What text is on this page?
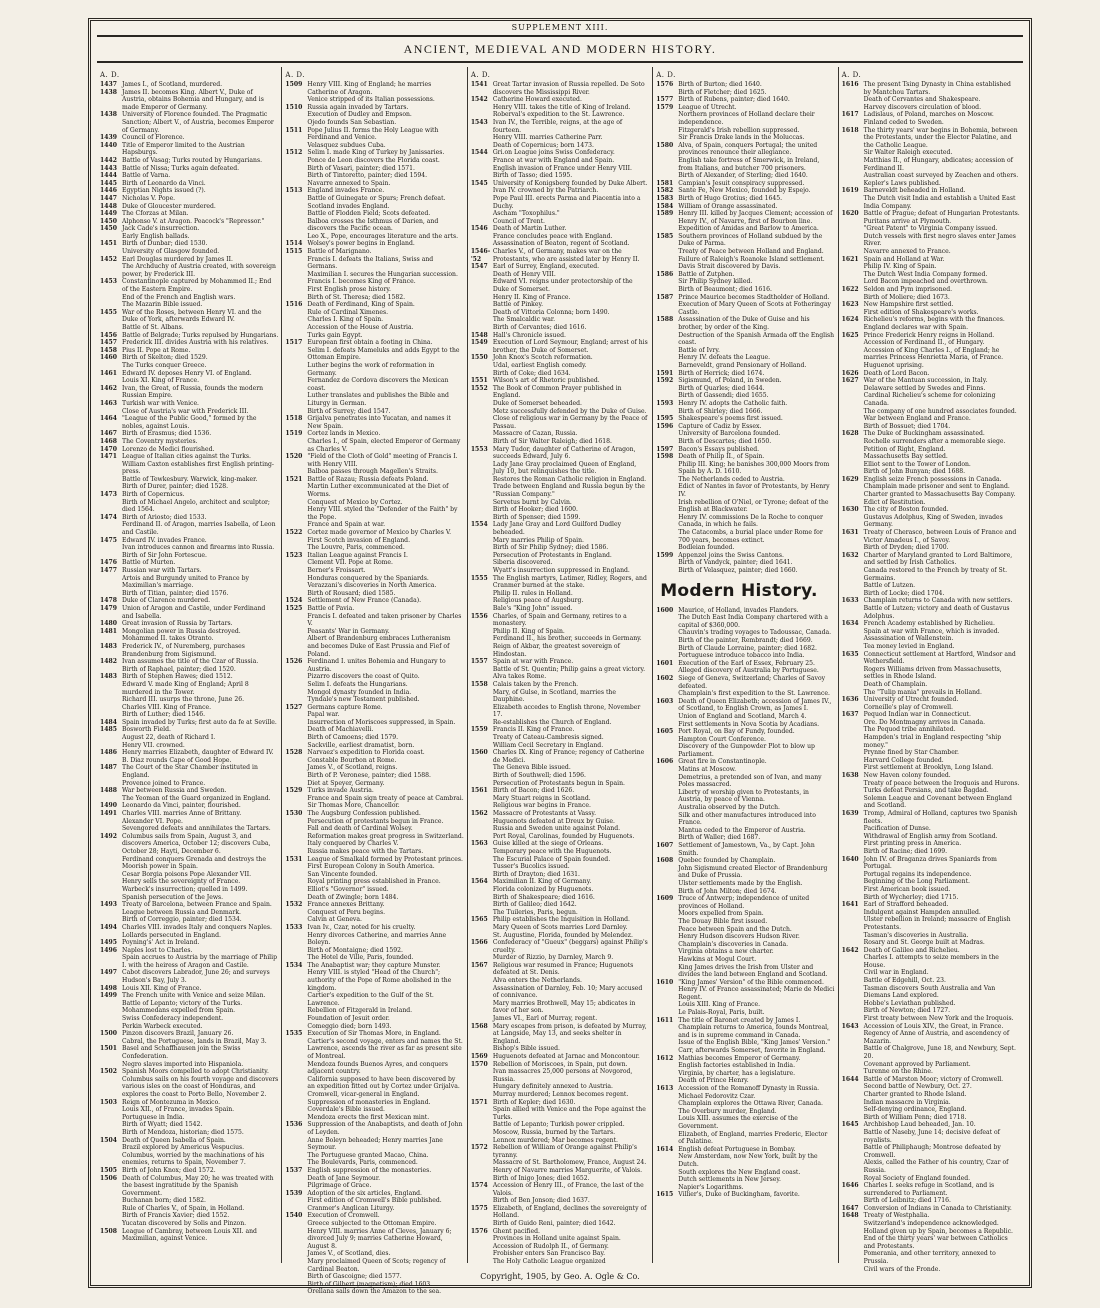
SUPPLEMENT XIII.
ANCIENT, MEDIEVAL AND MODERN HISTORY.
A. D.
1437 James I., of Scotland, murdered.
1438 James II. becomes King. Albert V., Duke of Austria, obtains Bohemia and Hungary, and is made Emperor of Germany.
1438 University of Florence founded. The Pragmatic Sanction; Albert V., of Austria, becomes Emperor of Germany.
1439 Council of Florence.
1440 Title of Emperor limited to the Austrian Hapsburgs.
1442 Battle of Vasag; Turks routed by Hungarians.
1443 Battle of Nissa; Turks again defeated.
1444 Battle of Varna.
1445 Birth of Leonardo da Vinci.
1446 Egyptian Nights issued (?).
1447 Nicholas V. Pope.
1448 Duke of Gloucester murdered.
1449 The Cforzas at Milan.
1450 Alphonso V. at Aragon. Peacock's "Repressor."
1450 Jack Cade's insurrection.
Early English ballads.
1451 Birth of Dunbar; died 1530.
University of Glasgow founded.
1452 Earl Douglas murdered by James II.
The Archduchy of Austria created, with sovereign power, by Frederick III.
1453 Constantinople captured by Mohammed II.; End of the Eastern Empire.
End of the French and English wars.
The Mazarin Bible issued.
1455 War of the Roses, between Henry VI. and the Duke of York, afterwards Edward IV.
Battle of St. Albans.
1456 Battle of Belgrade; Turks repulsed by Hungarians.
1457 Frederick III. divides Austria with his relatives.
1458 Pius II. Pope at Rome.
1460 Birth of Skelton; died 1529.
The Turks conquer Greece.
1461 Edward IV. deposes Henry VI. of England.
Louis XI. King of France.
1462 Ivan, the Great, of Russia, founds the modern Russian Empire.
1463 Turkish war with Venice.
Close of Austria's war with Frederick III.
1464 "League of the Public Good," formed by the nobles, against Louis.
1467 Birth of Erasmus; died 1536.
1468 The Coventry mysteries.
1470 Lorenzo de Medici flourished.
1471 League of Italian cities against the Turks.
William Caxton establishes first English printing-press.
Battle of Tewkesbury. Warwick, king-maker.
Birth of Durer, painter; died 1528.
1473 Birth of Copernicus.
Birth of Michael Angelo, architect and sculptor; died 1564.
1474 Birth of Ariosto; died 1533.
Ferdinand II. of Aragon, marries Isabella, of Leon and Castile.
1475 Edward IV. invades France.
Ivan introduces cannon and firearms into Russia.
Birth of Sir John Fortescue.
1476 Battle of Murten.
1477 Russian war with Tartars.
Artois and Burgundy united to France by Maximilian's marriage.
Birth of Titian, painter; died 1576.
1478 Duke of Clarence murdered.
1479 Union of Aragon and Castile, under Ferdinand and Isabella.
1480 Great invasion of Russia by Tartars.
1481 Mongolian power in Russia destroyed.
Mohammed II. takes Otranto.
1483 Frederick IV., of Nuremberg, purchases Brandenburg from Sigismund.
1482 Ivan assumes the title of the Czar of Russia.
Birth of Raphael, painter; died 1520.
1483 Birth of Stephen Hawes; died 1512.
Edward V. made King of England; April 8 murdered in the Tower.
Richard III. usurps the throne, June 26.
Charles VIII. King of France.
Birth of Luther; died 1546.
1484 Spain invaded by Turks; first auto da fe at Seville.
1485 Bosworth Field.
August 22, death of Richard I.
Henry VII. crowned.
1486 Henry marries Elizabeth, daughter of Edward IV.
B. Diaz rounds Cape of Good Hope.
1487 The Court of the Star Chamber instituted in England.
Provence joined to France.
1488 War between Russia and Sweden.
The Yeoman of the Guard organized in England.
1490 Leonardo da Vinci, painter, flourished.
1491 Charles VIII. marries Anne of Brittany.
Alexander VI. Pope.
Sevengored defeats and annihilates the Tartars.
1492 Columbus sails from Spain, August 3, and discovers America, October 12; discovers Cuba, October 28; Hayti, December 6.
Ferdinand conquers Grenada and destroys the Moorish power in Spain.
Cesar Borgia poisons Pope Alexander VII.
Henry sells the sovereignty of France.
Warbeck's insurrection; quelled in 1499.
Spanish persecution of the Jews.
1493 Treaty of Barcelona, between France and Spain.
League between Russia and Denmark.
Birth of Correggio, painter; died 1534.
1494 Charles VIII. invades Italy and conquers Naples.
Lollards persecuted in England.
1495 Poyning's' Act in Ireland.
1496 Naples lost to Charles.
Spain accrues to Austria by the marriage of Philip I. with the heiress of Aragon and Castile.
1497 Cabot discovers Labrador, June 26; and surveys Hudson's Bay, July 3.
1498 Louis XII. King of France.
1499 The French unite with Venice and seize Milan.
Battle of Lepanto; victory of the Turks.
Mohammedans expelled from Spain.
Swiss Confederacy independent.
Perkin Warbeck executed.
1500 Pinzon discovers Brazil, January 26.
Cabral, the Portuguese, lands in Brazil, May 3.
1501 Basel and Schaffhausen join the Swiss Confederation.
Negro slaves imported into Hispaniola.
1502 Spanish Moors compelled to adopt Christianity.
Columbus sails on his fourth voyage and discovers various isles on the coast of Honduras, and explores the coast to Porto Bello, November 2.
1503 Reign of Montezuma in Mexico.
Louis XII., of France, invades Spain.
Portuguese in India.
Birth of Wyatt; died 1542.
Birth of Mendoza, historian; died 1575.
1504 Death of Queen Isabella of Spain.
Brazil explored by Americus Vespucius.
Columbus, worried by the machinations of his enemies, returns to Spain, November 7.
1505 Birth of John Knox; died 1572.
1506 Death of Columbus, May 20; he was treated with the basest ingratitude by the Spanish Government.
Buchanan born; died 1582.
Rule of Charles V., of Spain, in Holland.
Birth of Francis Xavier; died 1552.
Yucatan discovered by Solis and Pinzon.
1508 League of Cambray, between Louis XII. and Maximilian, against Venice.
A. D.
1509 Henry VIII. King of England; he marries Catherine of Aragon.
Venice stripped of its Italian possessions.
1510 Russia again invaded by Tartars.
Execution of Dudley and Empson.
Ojedo founds San Sebastian.
1511 Pope Julius II. forms the Holy League with Ferdinand and Venice.
Velasquez subdues Cuba.
1512 Selim I. made King of Turkey by Janissaries.
Ponce de Leon discovers the Florida coast.
Birth of Vasari, painter; died 1571.
Birth of Tintoretto, painter; died 1594.
Navarre annexed to Spain.
1513 England invades France.
Battle of Guinegate or Spurs; French defeat.
Scotland invades England.
Battle of Flodden Field; Scots defeated.
Balboa crosses the Isthmus of Darien, and discovers the Pacific ocean.
Leo X., Pope, encourages literature and the arts.
1514 Wolsey's power begins in England.
1515 Battle of Marignano.
Francis I. defeats the Italians, Swiss and Germans.
Maximilian I. secures the Hungarian succession.
Francis I. becomes King of France.
First English prose history.
Birth of St. Theresa; died 1582.
1516 Death of Ferdinand, King of Spain.
Rule of Cardinal Ximenes.
Charles I. King of Spain.
Accession of the House of Austria.
Turks gain Egypt.
1517 European first obtain a footing in China.
Selim I. defeats Mameluks and adds Egypt to the Ottoman Empire.
Luther begins the work of reformation in Germany.
Fernandez de Cordova discovers the Mexican coast.
Luther translates and publishes the Bible and Liturgy in German.
Birth of Surrey; died 1547.
1518 Grijalva penetrates into Yucatan, and names it New Spain.
1519 Cortez lands in Mexico.
Charles I., of Spain, elected Emperor of Germany as Charles V.
1520 "Field of the Cloth of Gold" meeting of Francis I. with Henry VIII.
Balboa passes through Magellen's Straits.
1521 Battle of Razau; Russia defeats Poland.
Martin Luther excommunicated at the Diet of Worms.
Conquest of Mexico by Cortez.
Henry VIII. styled the "Defender of the Faith" by the Pope.
France and Spain at war.
1522 Cortez made governor of Mexico by Charles V.
First Scotch invasion of England.
The Louvre, Paris, commenced.
1523 Italian League against Francis I.
Clement VII. Pope at Rome.
Berner's Froissart.
Honduras conquered by the Spaniards.
Verazzani's discoveries in North America.
Birth of Rousard; died 1585.
1524 Settlement of New France (Canada).
1525 Battle of Pavia.
Francis I. defeated and taken prisoner by Charles V.
Peasants' War in Germany.
Albert of Brandenburg embraces Lutheranism and becomes Duke of East Prussia and Fief of Poland.
1526 Ferdinand I. unites Bohemia and Hungary to Austria.
Pizarro discovers the coast of Quito.
Selim I. defeats the Hungarians.
Mongol dynasty founded in India.
Tyndale's new Testament published.
1527 Germans capture Rome.
Papal war.
Insurrection of Moriscoes suppressed, in Spain.
Death of Machiavelli.
Birth of Camoens; died 1579.
Sackville, earliest dramatist, born.
1528 Narvaez's expedition to Florida coast.
Constable Bourbon at Rome.
James V., of Scotland, reigns.
Birth of P. Veronese, painter; died 1588.
Diet at Speyer, Germany.
1529 Turks invade Austria.
France and Spain sign treaty of peace at Cambrai.
Sir Thomas More, Chancellor.
1530 The Augsburg Confession published.
Persecution of protestants begun in France.
Fall and death of Cardinal Wolsey.
Reformation makes great progress in Switzerland.
Italy conquered by Charles V.
Russia makes peace with the Tartars.
1531 League of Smalkald formed by Protestant princes.
First European Colony in South America.
San Vincente founded.
Royal printing press established in France.
Elliot's "Governor" issued.
Death of Zwingle; born 1484.
1532 France annexes Brittany.
Conquest of Peru begins.
Calvin at Geneva.
1533 Ivan Iv., Czar, noted for his cruelty.
Henry divorces Catherine, and marries Anne Boleyn.
Birth of Montaigne; died 1592.
The Hotel de Ville, Paris, founded.
1534 The Anabaptist war; they capture Munster.
Henry VIII. is styled "Head of the Church"; authority of the Pope of Rome abolished in the kingdom.
Cartier's expedition to the Gulf of the St. Lawrence.
Rebellion of Fitzgerald in Ireland.
Foundation of Jesuit order.
Comeggio died; born 1493.
1535 Execution of Sir Thomas More, in England.
Cartier's second voyage, enters and names the St. Lawrence, ascends the river as far as present site of Montreal.
Mendoza founds Buenos Ayres, and conquers adjacent country.
California supposed to have been discovered by an expedition fitted out by Cortez under Grijalva.
Cromwell, vicar-general in England.
Suppression of monasteries in England.
Coverdale's Bible issued.
Mendoza erects the first Mexican mint.
1536 Suppression of the Anabaptists, and death of John of Leyden.
Anne Boleyn beheaded; Henry marries Jane Seymour.
The Portuguese granted Macao, China.
The Boulevards, Paris, commenced.
1537 English suppression of the monasteries.
Death of Jane Seymour.
Pilgrimage of Grace.
1539 Adoption of the six articles, England.
First edition of Cromwell's Bible published.
Cranmer's Anglican Liturgy.
1540 Execution of Cromwell.
Greece subjected to the Ottoman Empire.
Henry VIII. marries Anne of Cleves, January 6; divorced July 9; marries Catherine Howard, August 8.
James V., of Scotland, dies.
Mary proclaimed Queen of Scots; regency of Cardinal Beaton.
Birth of Gascoigne; died 1577.
Birth of Gilbert (magnetism); died 1603.
Orellana sails down the Amazon to the sea.
A. D.
1541 Great Tartar invasion of Russia repelled. De Soto discovers the Mississippi River.
1542 Catherine Howard executed.
Henry VIII. takes the title of King of Ireland.
Roberval's expedition to the St. Lawrence.
1543 Ivan IV., the Terrible, reigns, at the age of fourteen.
Henry VIII. marries Catherine Parr.
Death of Copernicus; born 1473.
1544 Gri.on League joins Swiss Confederacy.
France at war with England and Spain.
English invasion of France under Henry VIII.
Birth of Tasso; died 1595.
1545 University of Konigsberg founded by Duke Albert.
Ivan IV. crowned by the Patriarch.
Pope Paul III. erects Parma and Piacentia into a Duchy.
Ascham "Toxophilus."
Council of Trent.
1546 Death of Martin Luther.
France concludes peace with England.
Assassination of Beaton, regent of Scotland.
1546-'52
Charles V., of Germany, makes war on the Protestants, who are assisted later by Henry II.
1547 Earl of Surrey, England, executed.
Death of Henry VIII.
Edward VI. reigns under protectorship of the Duke of Somerset.
Henry II. King of France.
Battle of Pinkey.
Death of Vittoria Colonna; born 1490.
The Smalcaldic war.
Birth of Cervantes; died 1616.
1548 Hall's Chronicle issued.
1549 Execution of Lord Seymour, England; arrest of his brother, the Duke of Somerset.
1550 John Knox's Scotch reformation.
Udal, earliest English comedy.
Birth of Coke; died 1634.
1551 Wilson's art of Rhetoric published.
1552 The Book of Common Prayer published in England.
Duke of Somerset beheaded.
Metz successfully defended by the Duke of Guise.
Close of religious war in Germany by the Peace of Passau.
Massacre of Cazan, Russia.
Birth of Sir Walter Raleigh; died 1618.
1553 Mary Tudor, daughter of Catherine of Aragon, succeeds Edward, July 6.
Lady Jane Gray proclaimed Queen of England, July 10, but relinquishes the title.
Restores the Roman Catholic religion in England.
Trade between England and Russia begun by the "Russian Company."
Servetus burnt by Calvin.
Birth of Hooker; died 1600.
Birth of Spenser; died 1599.
1554 Lady Jane Gray and Lord Guilford Dudley beheaded.
Mary marries Philip of Spain.
Birth of Sir Philip Sydney; died 1586.
Persecution of Protestants in England.
Siberia discovered.
Wyatt's insurrection suppressed in England.
1555 The English martyrs, Latimer, Ridley, Rogers, and Cranmer burned at the stake.
Philip II. rules in Holland.
Religious peace of Augsburg.
Bale's "King John" issued.
1556 Charles, of Spain and Germany, retires to a monastery.
Philip II. King of Spain.
Ferdinand II., his brother, succeeds in Germany.
Reign of Akbar, the greatest sovereign of Hindostan.
1557 Spain at war with France.
Battle of St. Quentin; Philip gains a great victory.
Alva takes Rome.
1558 Calais taken by the French.
Mary, of Gulse, in Scotland, marries the Dauphine.
Elizabeth accedes to English throne, November 17.
Re-establishes the Church of England.
1559 Francis II. King of France.
Treaty of Cateau-Cambresis signed.
William Cecil Secretary in England.
1560 Charles IX. King of France; regency of Catherine de Medici.
The Geneva Bible issued.
Birth of Southwell; died 1596.
Persecution of Protestants begun in Spain.
1561 Birth of Bacon; died 1626.
Mary Stuart reigns in Scotland.
Religious war begins in France.
1562 Massacre of Protestants at Vassy.
Huguenots defeated at Dreux by Guise.
Russia and Sweden unite against Poland.
Port Royal, Carolinas, founded by Huguenots.
1563 Guise killed at the siege of Orleans.
Temporary peace with the Huguenots.
The Escurial Palace of Spain founded.
Tusser's Bucolics issued.
Birth of Drayton; died 1631.
1564 Maximilian II. King of Germany.
Florida colonized by Huguenots.
Birth of Shakespeare; died 1616.
Birth of Galileo; died 1642.
The Tuileries, Paris, begun.
1565 Philip establishes the Inquisition in Holland.
Mary Queen of Scots marries Lord Darnley.
St. Augustine, Florida, founded by Melendez.
1566 Confederacy of "Gueux" (beggars) against Philip's cruelty.
Murder of Rizzio, by Darnley, March 9.
1567 Religious war resumed in France; Huguenots defeated at St. Denis.
Alva enters the Netherlands.
Assassination of Darnley, Feb. 10; Mary accused of connivance.
Mary marries Brothwell, May 15; abdicates in favor of her son.
James VI., Earl of Murray, regent.
1568 Mary escapes from prison, is defeated by Murray, at Langside, May 13, and seeks shelter in England.
Bishop's Bible issued.
1569 Huguenots defeated at Jarnac and Moncontour.
1570 Rebellion of Moriscoes, in Spain, put down.
Ivan massacres 25,000 persons at Novgorod, Russia.
Hungary definitely annexed to Austria.
Murray murdered; Lennox becomes regent.
1571 Birth of Kepler; died 1630.
Spain allied with Venice and the Pope against the Turks.
Battle of Lepanto; Turkish power crippled.
Moscow, Russia, burned by the Tartars.
Lennox murdered; Mar becomes regent.
1572 Rebellion of William of Orange against Philip's tyranny.
Massacre of St. Bartholomew, France, August 24.
Henry of Navarre marries Marguerite, of Valois.
Birth of Inigo Jones; died 1652.
1574 Accession of Henry III., of France, the last of the Valois.
Birth of Ben Jonson; died 1637.
1575 Elizabeth, of England, declines the sovereignty of Holland.
Birth of Guido Reni, painter; died 1642.
1576 Ghent pacified.
Provinces in Holland unite against Spain.
Accession of Rudolph II., of Germany.
Frobisher enters San Francisco Bay.
The Holy Catholic League organized
A. D.
1576 Birth of Burton; died 1640.
Birth of Fletcher; died 1625.
1577 Birth of Rubens, painter; died 1640.
1579 League of Utrecht.
Northern provinces of Holland declare their independence.
Fitzgerald's Irish rebellion suppressed.
Sir Francis Drake lands in the Moluccas.
1580 Alva, of Spain, conquers Portugal; the united provinces renounce their allegiance.
English take fortress of Smerwick, in Ireland, from Italians, and butcher 700 prisoners.
Birth of Alexander, of Sterling; died 1640.
1581 Campian's Jesuit conspiracy suppressed.
1582 Sante Fe, New Mexico, founded by Espejo.
1583 Birth of Hugo Grotius; died 1645.
1584 William of Orange assassinated.
1589 Henry III. killed by Jacques Clement; accession of Henry IV., of Navarre, first of Bourbon line.
Expedition of Amidas and Barlow to America.
1585 Southern provinces of Holland subdued by the Duke of Parma.
Treaty of Peace between Holland and England.
Failure of Raleigh's Roanoke Island settlement.
Davis Strait discovered by Davis.
1586 Battle of Zutphen.
Sir Philip Sydney killed.
Birth of Beaumont; died 1616.
1587 Prince Maurice becomes Stadtholder of Holland.
Execution of Mary Queen of Scots at Fotheringay Castle.
1588 Assassination of the Duke of Guise and his brother, by order of the King.
Destruction of the Spanish Armada off the English coast.
Battle of Ivry.
Henry IV. defeats the League.
Barneveldt, grand Pensionary of Holland.
1591 Birth of Herrick; died 1674.
1592 Sigismund, of Poland, in Sweden.
Birth of Quarles; died 1644.
Birth of Gassendi; died 1655.
1593 Henry IV. adopts the Catholic faith.
Birth of Shirley; died 1666.
1595 Shakespeare's poems first issued.
1596 Capture of Cadiz by Essex.
University of Barcelona founded.
Birth of Descartes; died 1650.
1597 Bacon's Essays published.
1598 Death of Philip II., of Spain.
Philip III. King; he banishes 300,000 Moors from Spain by A. D. 1610.
The Netherlands ceded to Austria.
Edict of Nantes in favor of Protestants, by Henry IV.
Irish rebellion of O'Niel, or Tyrone; defeat of the English at Blackwater.
Henry IV. commissions De la Roche to conquer Canada, in which he fails.
The Catacombs, a burial place under Rome for 700 years, becomes extinct.
Bodleian founded.
1599 Appenzel joins the Swiss Cantons.
Birth of Vandyck, painter; died 1641.
Birth of Velasquez, painter; died 1660.
Modern History.
1600 Maurice, of Holland, invades Flanders.
The Dutch East India Company chartered with a capital of $360,000.
Chauvin's trading voyages to Tadoussac, Canada.
Birth of the painter, Rembrandt; died 1669.
Birth of Claude Lorraine, painter; died 1682.
Portuguese introduce tobacco into India.
1601 Execution of the Earl of Essex, February 25.
Alleged discovery of Australia by Portuguese.
1602 Siege of Geneva, Switzerland; Charles of Savoy defeated.
Champlain's first expedition to the St. Lawrence.
1603 Death of Queen Elizabeth; accession of James IV., of Scotland, to English Crown, as James I.
Union of England and Scotland, March 4.
First settlements in Nova Scotia by Acadians.
1605 Port Royal, on Bay of Fundy, founded.
Hampton Court Conference.
Discovery of the Gunpowder Plot to blow up Parliament.
1606 Great fire in Constantinople.
Matins at Moscow.
Demetrius, a pretended son of Ivan, and many Poles massacred.
Liberty of worship given to Protestants, in Austria, by peace of Vienna.
Australia observed by the Dutch.
Silk and other manufactures introduced into France.
Mantua ceded to the Emperor of Austria.
Birth of Waller; died 1687.
1607 Settlement of Jamestown, Va., by Capt. John Smith.
1608 Quebec founded by Champlain.
John Sigismund created Elector of Brandenburg and Duke of Prussia.
Ulster settlements made by the English.
Birth of John Milton; died 1674.
1609 Truce of Antwerp; independence of united provinces of Holland.
Moors expelled from Spain.
The Douay Bible first issued.
Peace between Spain and the Dutch.
Henry Hudson discovers Hudson River.
Champlain's discoveries in Canada.
Virginia obtains a new charter.
Hawkins at Mogul Court.
King James drives the Irish from Ulster and divides the land between England and Scotland.
1610 "King James' Version" of the Bible commenced.
Henry IV. of France assassinated; Marie de Medici Regent.
Louis XIII. King of France.
Le Palais-Royal, Paris, built.
1611 The title of Baronet created by James I.
Champlain returns to America, founds Montreal, and is in supreme command in Canada.
Issue of the English Bible, "King James' Version."
Carr, afterwards Somerset, favorite in England.
1612 Mathias becomes Emperor of Germany.
English factories established in India.
Virginia, by charter, has a legislature.
Death of Prince Henry.
1613 Accession of the Romanoff Dynasty in Russia.
Michael Fedorovitz Czar.
Champlain explores the Ottawa River, Canada.
The Overbury murder, England.
Louis XIII. assumes the exercise of the Government.
Elizabeth, of England, marries Frederic, Elector of Palatine.
1614 English defeat Portuguese in Bombay.
New Amsterdam, now New York, built by the Dutch.
South explores the New England coast.
Dutch settlements in New Jersey.
Napier's Logarithms.
1615 Villier's, Duke of Buckingham, favorite.
A. D.
1616 The present Tsing Dynasty in China established by Mantchou Tartars.
Death of Cervantes and Shakespeare.
Harvey discovers circulation of blood.
1617 Ladislaus, of Poland, marches on Moscow.
Finland ceded to Sweden.
1618 The thirty years' war begins in Bohemia, between the Protestants, under the Elector Palatine, and the Catholic League.
Sir Walter Raleigh executed.
Matthias II., of Hungary, abdicates; accession of Ferdinand II.
Australian coast surveyed by Zeachen and others.
Kepler's Laws published.
1619 Barneveldt beheaded in Holland.
The Dutch visit India and establish a United East India Company.
1620 Battle of Prague; defeat of Hungarian Protestants.
Puritans arrive at Plymouth.
"Great Patent" to Virginia Company issued.
Dutch vessels with first negro slaves enter James River.
Navarre annexed to France.
1621 Spain and Holland at War.
Philip IV. King of Spain.
The Dutch West India Company formed.
Lord Bacon impeached and overthrown.
1622 Seldon and Pym imprisoned.
Birth of Moliere; died 1673.
1623 New Hampshire first settled.
First edition of Shakespeare's works.
1624 Richelieu's reforms, begins with the finances.
England declares war with Spain.
1625 Prince Frederick Henry reigns in Holland.
Accession of Ferdinand II., of Hungary.
Accession of King Charles I., of England; he marries Princess Henrietta Maria, of France.
Huguenot uprising.
1626 Death of Lord Bacon.
1627 War of the Mantuan succession, in Italy.
Delaware settled by Swedes and Finns.
Cardinal Richelieu's scheme for colonizing Canada.
The company of one hundred associates founded.
War between England and France.
Birth of Bossuet; died 1704.
1628 The Duke of Buckingham assassinated.
Rochelle surrenders after a memorable siege.
Petition of Right, England.
Massachusetts Bay settled.
Elliot sent to the Tower of London.
Birth of John Bunyan; died 1688.
1629 English seize French possessions in Canada.
Champlain made prisoner and sent to England.
Charter granted to Massachusetts Bay Company.
Edict of Restitution.
1630 The city of Boston founded.
Gustavus Adolphus, King of Sweden, invades Germany.
1631 Treaty of Cherasco, between Louis of France and Victor Amadeus I., of Savoy.
Birth of Dryden; died 1700.
1632 Charter of Maryland granted to Lord Baltimore, and settled by Irish Catholics.
Canada restored to the French by treaty of St. Germains.
Battle of Lutzen.
Birth of Locke; died 1704.
1633 Champlain returns to Canada with new settlers.
Battle of Lutzen; victory and death of Gustavus Adolphus.
1634 French Academy established by Richelieu.
Spain at war with France, which is invaded.
Assassination of Wallenstein.
Tea money levied in England.
1635 Connecticut settlement at Hartford, Windsor and Wethersfield.
Rogers Williams driven from Massachusetts, settles in Rhode Island.
Death of Champlain.
The "Tulip mania" prevails in Holland.
1636 University of Utrecht founded.
Corneille's play of Cromwell.
1637 Pequod Indian war in Connecticut.
Ore. Do Montmagny arrives in Canada.
The Pequod tribe annihilated.
Hampden's trial in England respecting "ship money."
Prynne fined by Star Chamber.
Harvard College founded.
First settlement at Brooklyn, Long Island.
1638 New Haven colony founded.
Treaty of peace between the Iroquois and Hurons.
Turks defeat Persians, and take Bagdad.
Solemn League and Covenant between England and Scotland.
1639 Tromp, Admiral of Holland, captures two Spanish fleets.
Pacification of Dunse.
Withdrawal of English army from Scotland.
First printing press in America.
Birth of Racine; died 1699.
1640 John IV. of Braganza drives Spaniards from Portugal.
Portugal regains its independence.
Beginning of the Long Parliament.
First American book issued.
Birth of Wycherley; died 1715.
1641 Earl of Strafford beheaded.
Indulgent against Hampden annulled.
Ulster rebellion in Ireland; massacre of English Protestants.
Tasman's discoveries in Australia.
Rosary and St. George built at Madras.
1642 Death of Galileo and Richelieu.
Charles I. attempts to seize members in the House.
Civil war in England.
Battle of Edgehill, Oct. 23.
Tasman discovers South Australia and Van Diemans Land explored.
Hobbe's Leviathan published.
Birth of Newton; died 1727.
First treaty between New York and the Iroquois.
1643 Accession of Louis XIV., the Great, in France.
Regency of Anne of Austria, and ascendency of Mazarin.
Battle of Chalgrove, June 18, and Newbury, Sept. 20.
Covenant approved by Parliament.
Turenne on the Rhine.
1644 Battle of Marston Moor; victory of Cromwell.
Second battle of Newbury, Oct. 27.
Charter granted to Rhode Island.
Indian massacre in Virginia.
Self-denying ordinance, England.
Birth of William Penn; died 1718.
1645 Archbishop Laud beheaded, Jan. 10.
Battle of Naseby, June 14; decisive defeat of royalists.
Battle of Philiphaugh; Montrose defeated by Cromwell.
Alexis, called the Father of his country, Czar of Russia.
Royal Society of England founded.
1646 Charles I. seeks refuge in Scotland, and is surrendered to Parliament.
Birth of Leibnitz; died 1716.
1647 Conversion of Indians in Canada to Christianity.
1648 Treaty of Westphalia.
Switzerland's independence acknowledged.
Holland given up by Spain, becomes a Republic.
End of the thirty years' war between Catholics and Protestants.
Pomerania, and other territory, annexed to Prussia.
Civil wars of the Fronde.
Copyright, 1905, by Geo. A. Ogle & Co.
